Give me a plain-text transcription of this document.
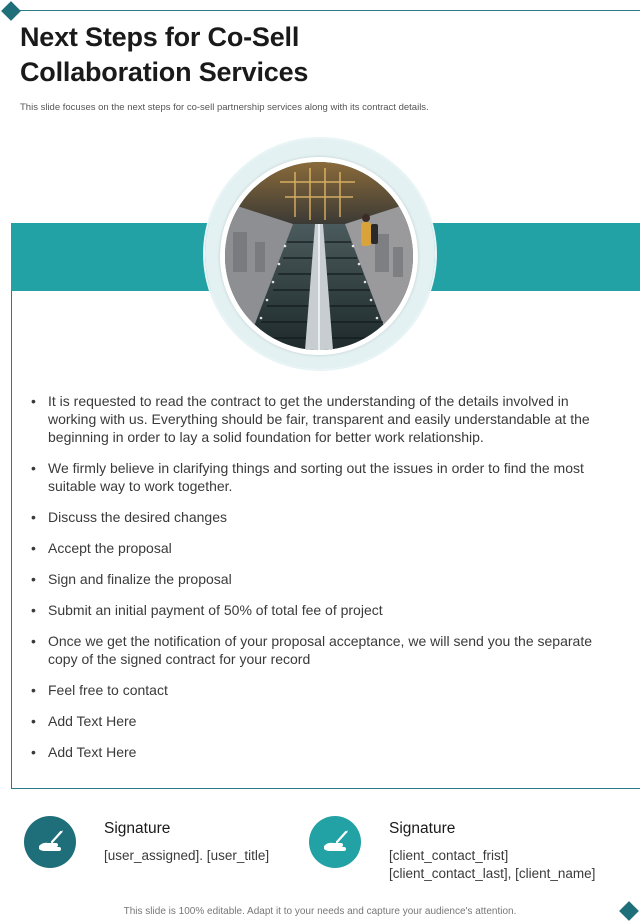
Next Steps for Co-Sell
Collaboration Services
This slide focuses on the next steps for co-sell partnership services along with its contract details.
• It is requested to read the contract to get the understanding of the details involved in working with us. Everything should be fair, transparent and easily understandable at the beginning in order to lay a solid foundation for better work relationship.
• We firmly believe in clarifying things and sorting out the issues in order to find the most suitable way to work together.
• Discuss the desired changes
• Accept the proposal
• Sign and finalize the proposal
• Submit an initial payment of 50% of total fee of project
• Once we get the notification of your proposal acceptance, we will send you the separate copy of the signed contract for your record
• Feel free to contact
• Add Text Here
• Add Text Here
Signature
[user_assigned]. [user_title]
Signature
[client_contact_frist]
[client_contact_last], [client_name]
This slide is 100% editable. Adapt it to your needs and capture your audience's attention.
